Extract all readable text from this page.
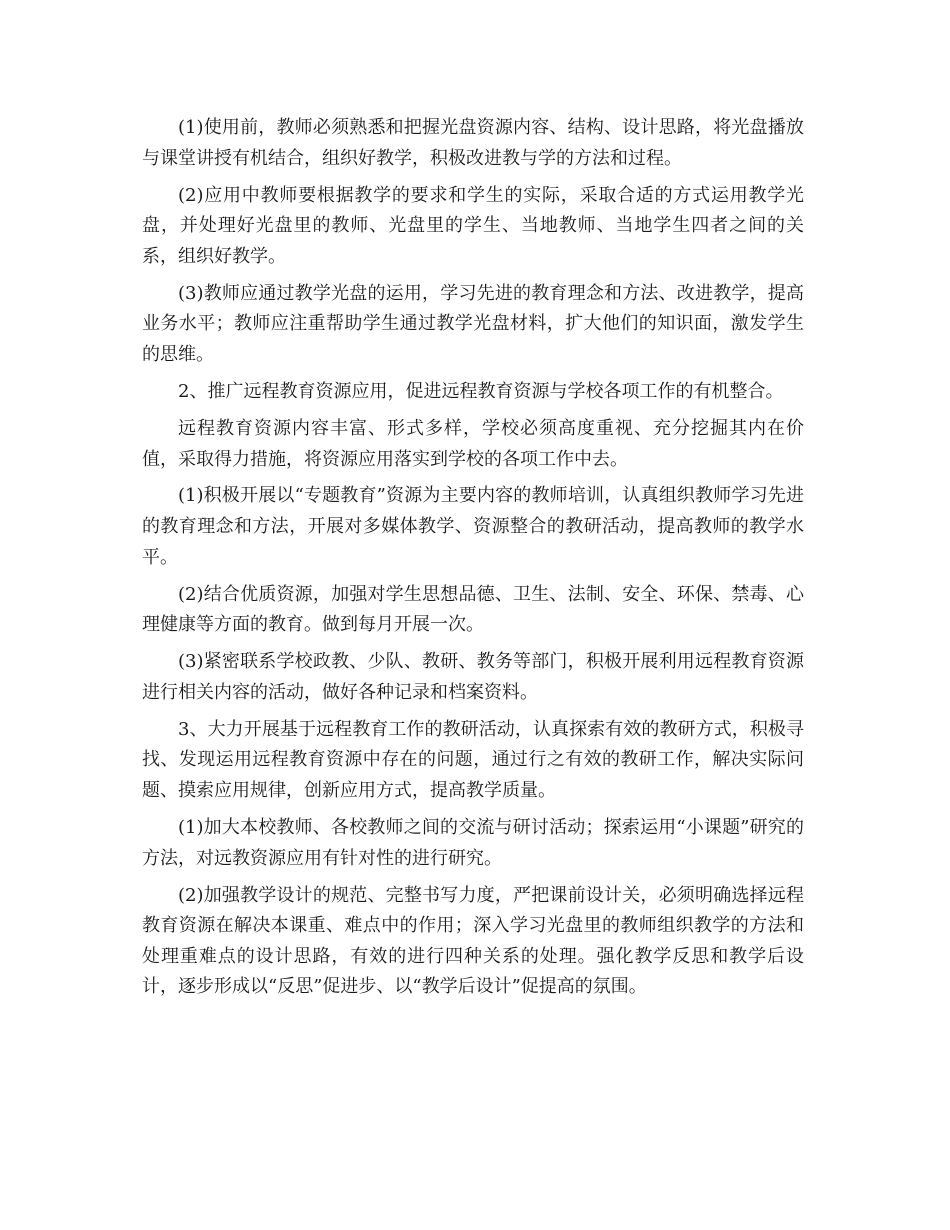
(1)使用前，教师必须熟悉和把握光盘资源内容、结构、设计思路，将光盘播放与课堂讲授有机结合，组织好教学，积极改进教与学的方法和过程。

(2)应用中教师要根据教学的要求和学生的实际，采取合适的方式运用教学光盘，并处理好光盘里的教师、光盘里的学生、当地教师、当地学生四者之间的关系，组织好教学。

(3)教师应通过教学光盘的运用，学习先进的教育理念和方法、改进教学，提高业务水平；教师应注重帮助学生通过教学光盘材料，扩大他们的知识面，激发学生的思维。

2、推广远程教育资源应用，促进远程教育资源与学校各项工作的有机整合。

远程教育资源内容丰富、形式多样，学校必须高度重视、充分挖掘其内在价值，采取得力措施，将资源应用落实到学校的各项工作中去。

(1)积极开展以“专题教育”资源为主要内容的教师培训，认真组织教师学习先进的教育理念和方法，开展对多媒体教学、资源整合的教研活动，提高教师的教学水平。

(2)结合优质资源，加强对学生思想品德、卫生、法制、安全、环保、禁毒、心理健康等方面的教育。做到每月开展一次。

(3)紧密联系学校政教、少队、教研、教务等部门，积极开展利用远程教育资源进行相关内容的活动，做好各种记录和档案资料。

3、大力开展基于远程教育工作的教研活动，认真探索有效的教研方式，积极寻找、发现运用远程教育资源中存在的问题，通过行之有效的教研工作，解决实际问题、摸索应用规律，创新应用方式，提高教学质量。

(1)加大本校教师、各校教师之间的交流与研讨活动；探索运用“小课题”研究的方法，对远教资源应用有针对性的进行研究。

(2)加强教学设计的规范、完整书写力度，严把课前设计关，必须明确选择远程教育资源在解决本课重、难点中的作用；深入学习光盘里的教师组织教学的方法和处理重难点的设计思路，有效的进行四种关系的处理。强化教学反思和教学后设计，逐步形成以“反思”促进步、以“教学后设计”促提高的氛围。
